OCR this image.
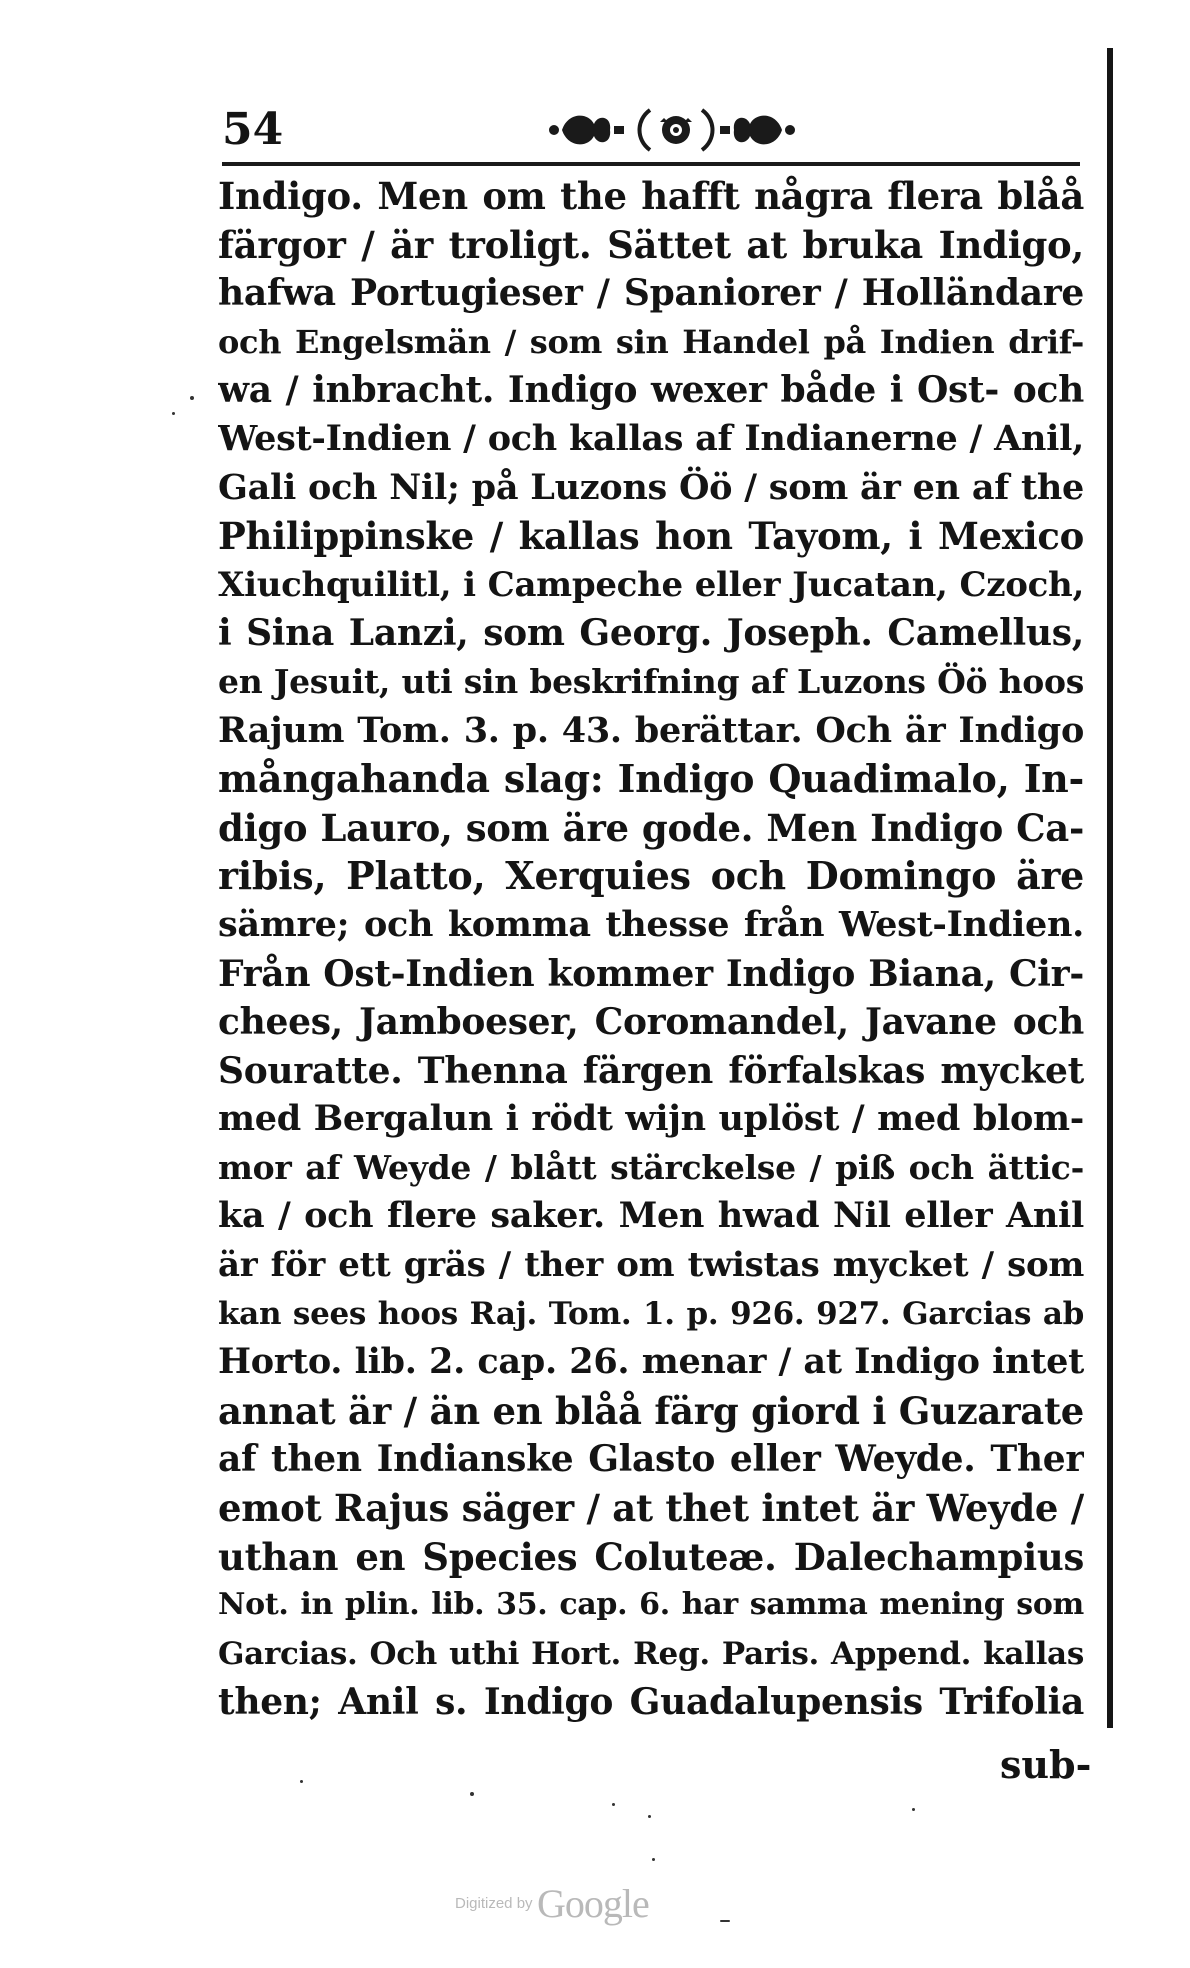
54
Indigo. Men om the hafft några flera blåå
färgor / är troligt. Sättet at bruka Indigo,
hafwa Portugieser / Spaniorer / Holländare
och Engelsmän / som sin Handel på Indien drif-
wa / inbracht. Indigo wexer både i Ost- och
West-Indien / och kallas af Indianerne / Anil,
Gali och Nil; på Luzons Öö / som är en af the
Philippinske / kallas hon Tayom, i Mexico
Xiuchquilitl, i Campeche eller Jucatan, Czoch,
i Sina Lanzi, som Georg. Joseph. Camellus,
en Jesuit, uti sin beskrifning af Luzons Öö hoos
Rajum Tom. 3. p. 43. berättar. Och är Indigo
mångahanda slag: Indigo Quadimalo, In-
digo Lauro, som äre gode. Men Indigo Ca-
ribis, Platto, Xerquies och Domingo äre
sämre; och komma thesse från West-Indien.
Från Ost-Indien kommer Indigo Biana, Cir-
chees, Jamboeser, Coromandel, Javane och
Souratte. Thenna färgen förfalskas mycket
med Bergalun i rödt wijn uplöst / med blom-
mor af Weyde / blått stärckelse / piß och ättic-
ka / och flere saker. Men hwad Nil eller Anil
är för ett gräs / ther om twistas mycket / som
kan sees hoos Raj. Tom. 1. p. 926. 927. Garcias ab
Horto. lib. 2. cap. 26. menar / at Indigo intet
annat är / än en blåå färg giord i Guzarate
af then Indianske Glasto eller Weyde. Ther
emot Rajus säger / at thet intet är Weyde /
uthan en Species Coluteæ. Dalechampius
Not. in plin. lib. 35. cap. 6. har samma mening som
Garcias. Och uthi Hort. Reg. Paris. Append. kallas
then; Anil s. Indigo Guadalupensis Trifolia
sub-
Digitized by Google
